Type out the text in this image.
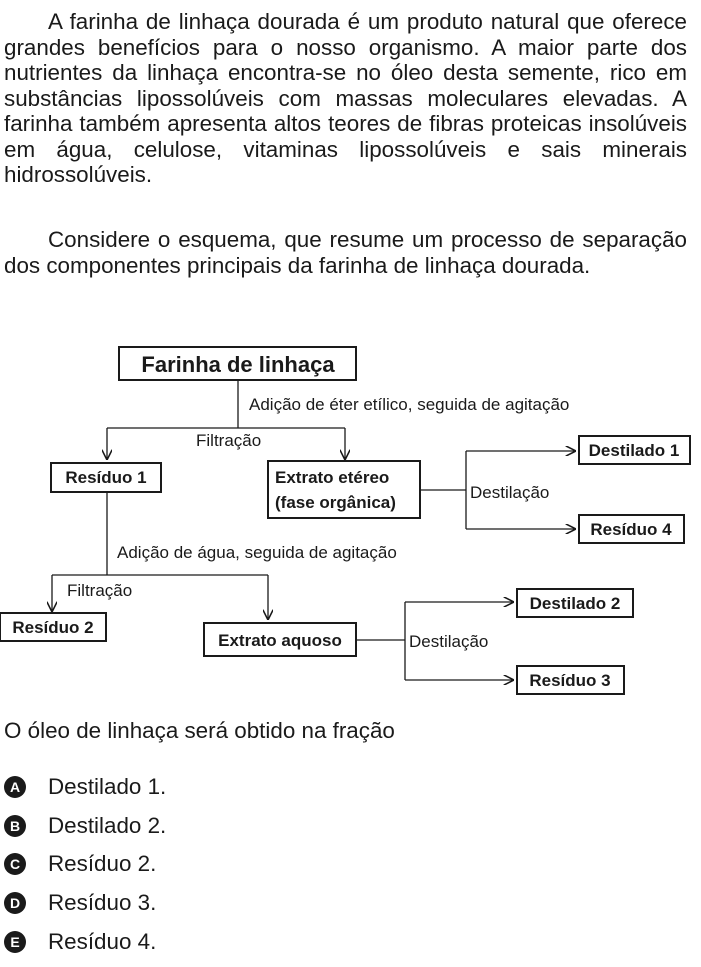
A farinha de linhaça dourada é um produto natural que oferece grandes benefícios para o nosso organismo. A maior parte dos nutrientes da linhaça encontra-se no óleo desta semente, rico em substâncias lipossolúveis com massas moleculares elevadas. A farinha também apresenta altos teores de fibras proteicas insolúveis em água, celulose, vitaminas lipossolúveis e sais minerais hidrossolúveis.

Considere o esquema, que resume um processo de separação dos componentes principais da farinha de linhaça dourada.

Farinha de linhaça
Adição de éter etílico, seguida de agitação
Filtração
Resíduo 1	Extrato etéreo
(fase orgânica)
Destilação
Destilado 1
Resíduo 4
Adição de água, seguida de agitação
Filtração
Resíduo 2
Extrato aquoso	Destilação
Destilado 2
Resíduo 3

O óleo de linhaça será obtido na fração

A Destilado 1.
B Destilado 2.
C Resíduo 2.
D Resíduo 3.
E Resíduo 4.
